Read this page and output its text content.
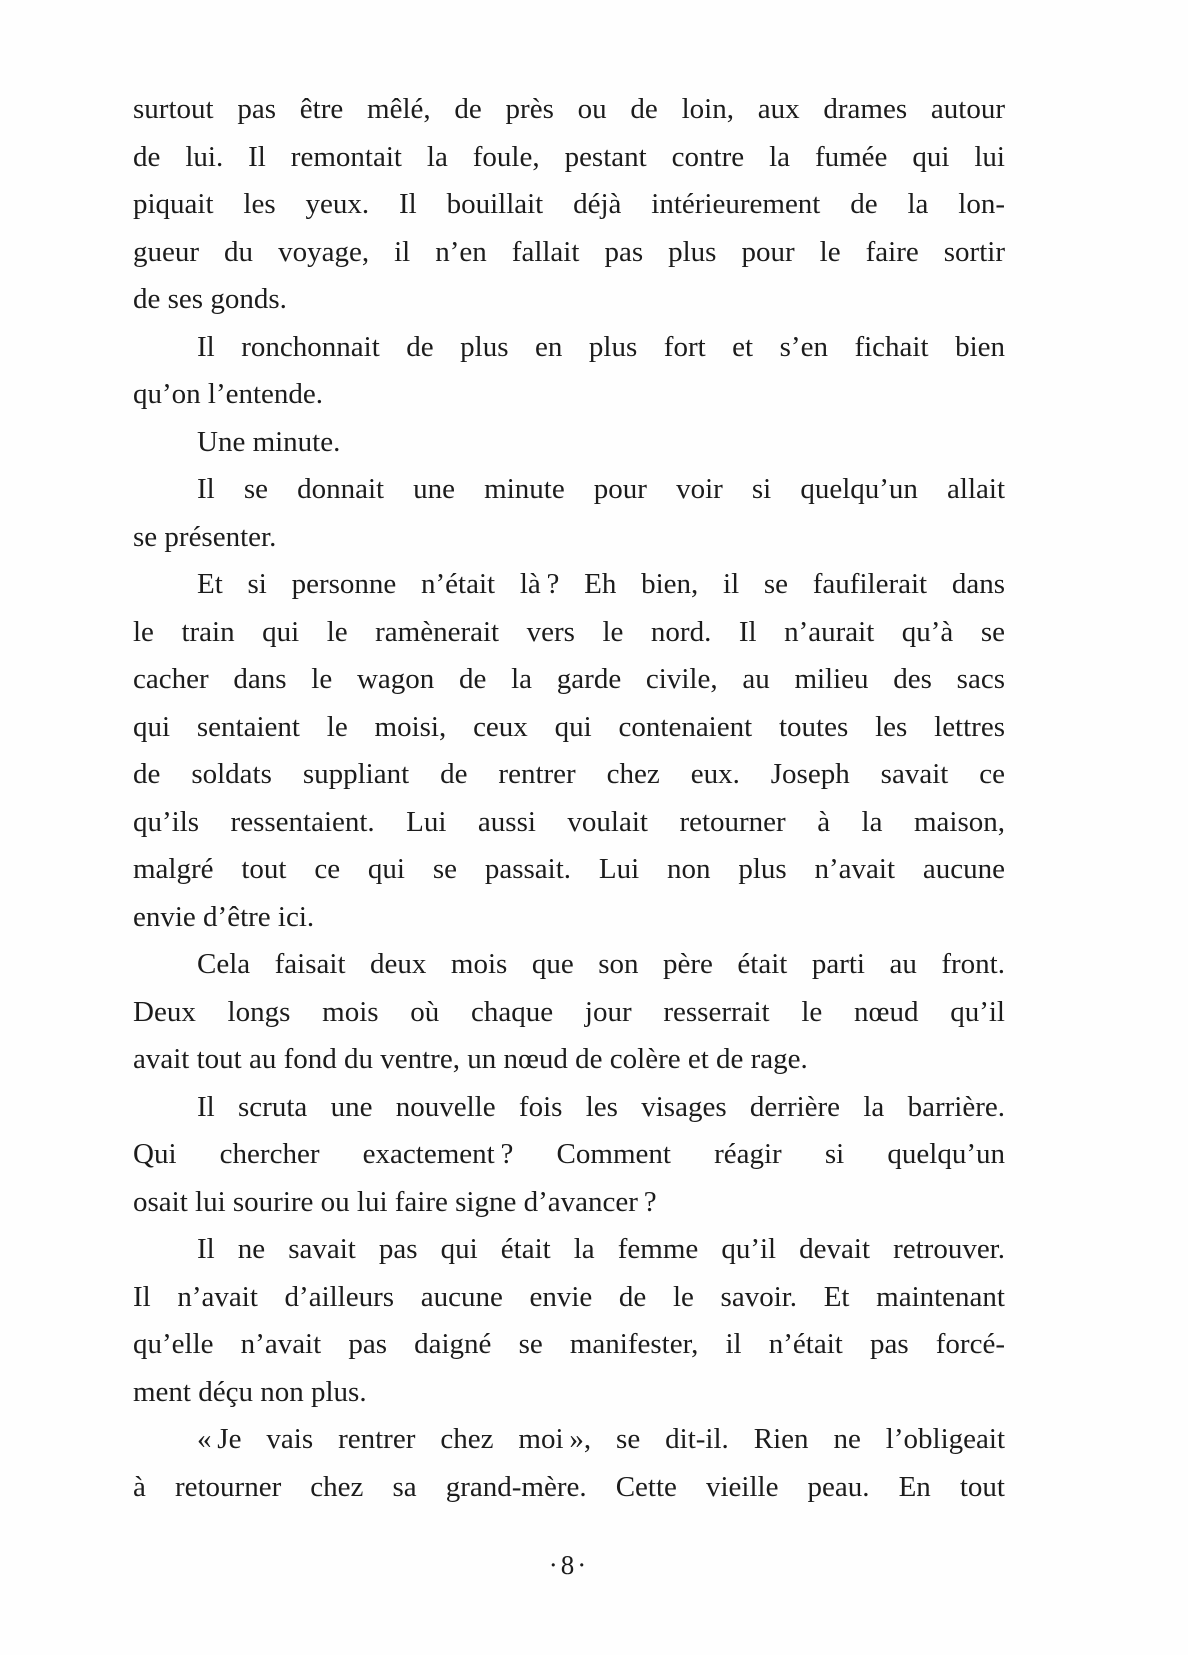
surtout pas être mêlé, de près ou de loin, aux drames autour
de lui. Il remontait la foule, pestant contre la fumée qui lui
piquait les yeux. Il bouillait déjà intérieurement de la lon-
gueur du voyage, il n’en fallait pas plus pour le faire sortir
de ses gonds.
Il ronchonnait de plus en plus fort et s’en fichait bien
qu’on l’entende.
Une minute.
Il se donnait une minute pour voir si quelqu’un allait
se présenter.
Et si personne n’était là ? Eh bien, il se faufilerait dans
le train qui le ramènerait vers le nord. Il n’aurait qu’à se
cacher dans le wagon de la garde civile, au milieu des sacs
qui sentaient le moisi, ceux qui contenaient toutes les lettres
de soldats suppliant de rentrer chez eux. Joseph savait ce
qu’ils ressentaient. Lui aussi voulait retourner à la maison,
malgré tout ce qui se passait. Lui non plus n’avait aucune
envie d’être ici.
Cela faisait deux mois que son père était parti au front.
Deux longs mois où chaque jour resserrait le nœud qu’il
avait tout au fond du ventre, un nœud de colère et de rage.
Il scruta une nouvelle fois les visages derrière la barrière.
Qui chercher exactement ? Comment réagir si quelqu’un
osait lui sourire ou lui faire signe d’avancer ?
Il ne savait pas qui était la femme qu’il devait retrouver.
Il n’avait d’ailleurs aucune envie de le savoir. Et maintenant
qu’elle n’avait pas daigné se manifester, il n’était pas forcé-
ment déçu non plus.
« Je vais rentrer chez moi », se dit-il. Rien ne l’obligeait
à retourner chez sa grand-mère. Cette vieille peau. En tout
·8·
